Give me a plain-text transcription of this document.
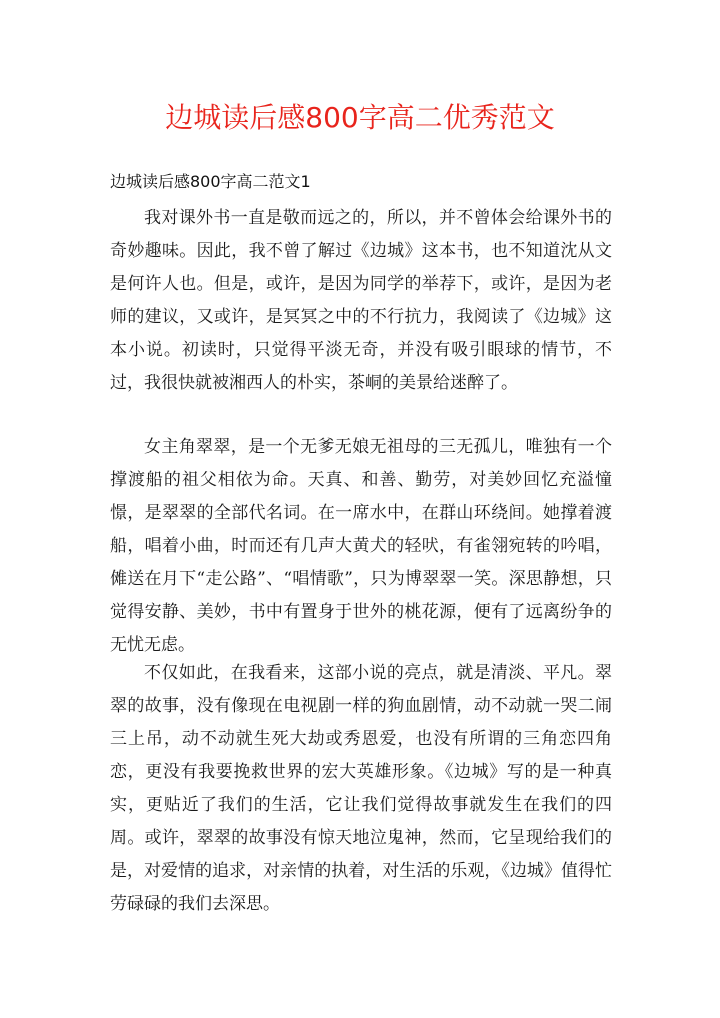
边城读后感800字高二优秀范文
边城读后感800字高二范文1

我对课外书一直是敬而远之的，所以，并不曾体会给课外书的奇妙趣味。因此，我不曾了解过《边城》这本书，也不知道沈从文是何许人也。但是，或许，是因为同学的举荐下，或许，是因为老师的建议，又或许，是冥冥之中的不行抗力，我阅读了《边城》这本小说。初读时，只觉得平淡无奇，并没有吸引眼球的情节，不过，我很快就被湘西人的朴实，茶峒的美景给迷醉了。

女主角翠翠，是一个无爹无娘无祖母的三无孤儿，唯独有一个撑渡船的祖父相依为命。天真、和善、勤劳，对美妙回忆充溢憧憬，是翠翠的全部代名词。在一席水中，在群山环绕间。她撑着渡船，唱着小曲，时而还有几声大黄犬的轻吠，有雀翎宛转的吟唱，傩送在月下“走公路”、“唱情歌”，只为博翠翠一笑。深思静想，只觉得安静、美妙，书中有置身于世外的桃花源，便有了远离纷争的无忧无虑。

不仅如此，在我看来，这部小说的亮点，就是清淡、平凡。翠翠的故事，没有像现在电视剧一样的狗血剧情，动不动就一哭二闹三上吊，动不动就生死大劫或秀恩爱，也没有所谓的三角恋四角恋，更没有我要挽救世界的宏大英雄形象。《边城》写的是一种真实，更贴近了我们的生活，它让我们觉得故事就发生在我们的四周。或许，翠翠的故事没有惊天地泣鬼神，然而，它呈现给我们的是，对爱情的追求，对亲情的执着，对生活的乐观，《边城》值得忙劳碌碌的我们去深思。
